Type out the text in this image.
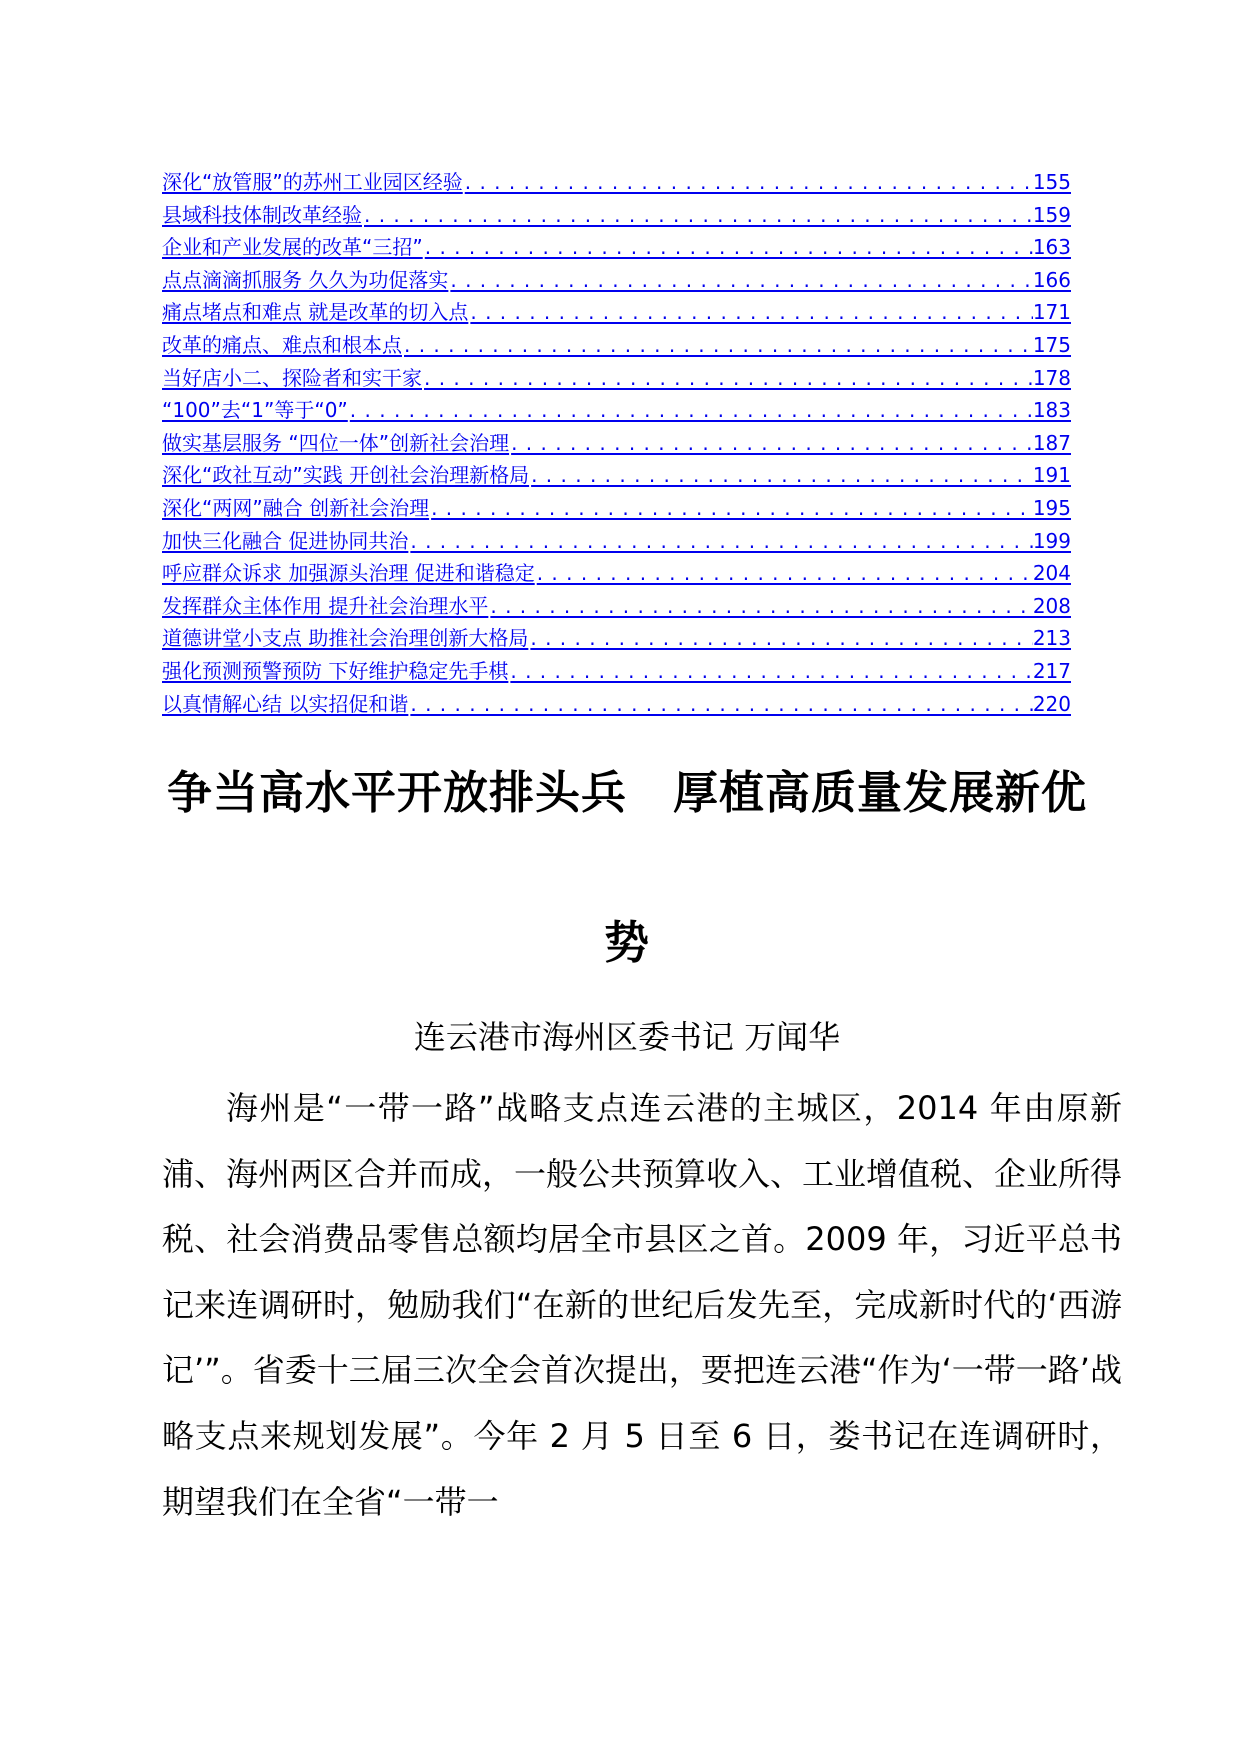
深化“放管服”的苏州工业园区经验 . . .	155
县域科技体制改革经验 . . .	159
企业和产业发展的改革“三招” . . .	163
点点滴滴抓服务 久久为功促落实 . . .	166
痛点堵点和难点 就是改革的切入点 . . .	171
改革的痛点、难点和根本点 . . .	175
当好店小二、探险者和实干家 . . .	178
“100”去“1”等于“0” . . .	183
做实基层服务 “四位一体”创新社会治理 . . .	187
深化“政社互动”实践 开创社会治理新格局 . . .	191
深化“两网”融合 创新社会治理 . . .	195
加快三化融合 促进协同共治 . . .	199
呼应群众诉求 加强源头治理 促进和谐稳定 . . .	204
发挥群众主体作用 提升社会治理水平 . . .	208
道德讲堂小支点 助推社会治理创新大格局 . . .	213
强化预测预警预防 下好维护稳定先手棋 . . .	217
以真情解心结 以实招促和谐 . . .	220
争当高水平开放排头兵　厚植高质量发展新优势

连云港市海州区委书记 万闻华

海州是“一带一路”战略支点连云港的主城区，2014 年由原新浦、海州两区合并而成，一般公共预算收入、工业增值税、企业所得税、社会消费品零售总额均居全市县区之首。2009 年，习近平总书记来连调研时，勉励我们“在新的世纪后发先至，完成新时代的‘西游记’”。省委十三届三次全会首次提出，要把连云港“作为‘一带一路’战略支点来规划发展”。今年 2 月 5 日至 6 日，娄书记在连调研时，期望我们在全省“一带一
